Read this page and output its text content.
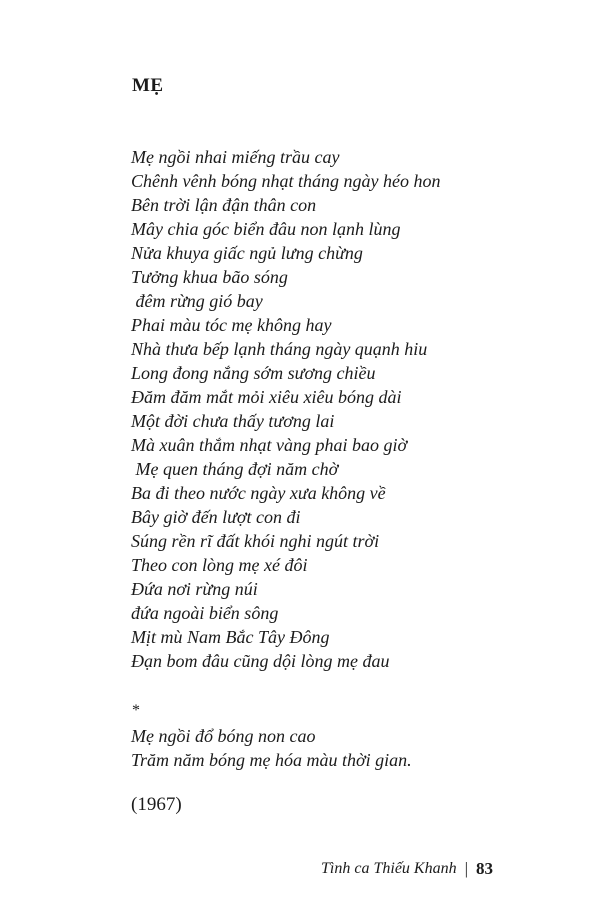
MẸ
Mẹ ngồi nhai miếng trầu cay
Chênh vênh bóng nhạt tháng ngày héo hon
Bên trời lận đận thân con
Mây chia góc biển đâu non lạnh lùng
Nửa khuya giấc ngủ lưng chừng
Tưởng khua bão sóng
đêm rừng gió bay
Phai màu tóc mẹ không hay
Nhà thưa bếp lạnh tháng ngày quạnh hiu
Long đong nắng sớm sương chiều
Đăm đăm mắt mỏi xiêu xiêu bóng dài
Một đời chưa thấy tương lai
Mà xuân thắm nhạt vàng phai bao giờ
Mẹ quen tháng đợi năm chờ
Ba đi theo nước ngày xưa không về
Bây giờ đến lượt con đi
Súng rền rĩ đất khói nghi ngút trời
Theo con lòng mẹ xé đôi
Đứa nơi rừng núi
đứa ngoài biển sông
Mịt mù Nam Bắc Tây Đông
Đạn bom đâu cũng dội lòng mẹ đau
*
Mẹ ngồi đổ bóng non cao
Trăm năm bóng mẹ hóa màu thời gian.
(1967)
Tình ca Thiếu Khanh | 83
